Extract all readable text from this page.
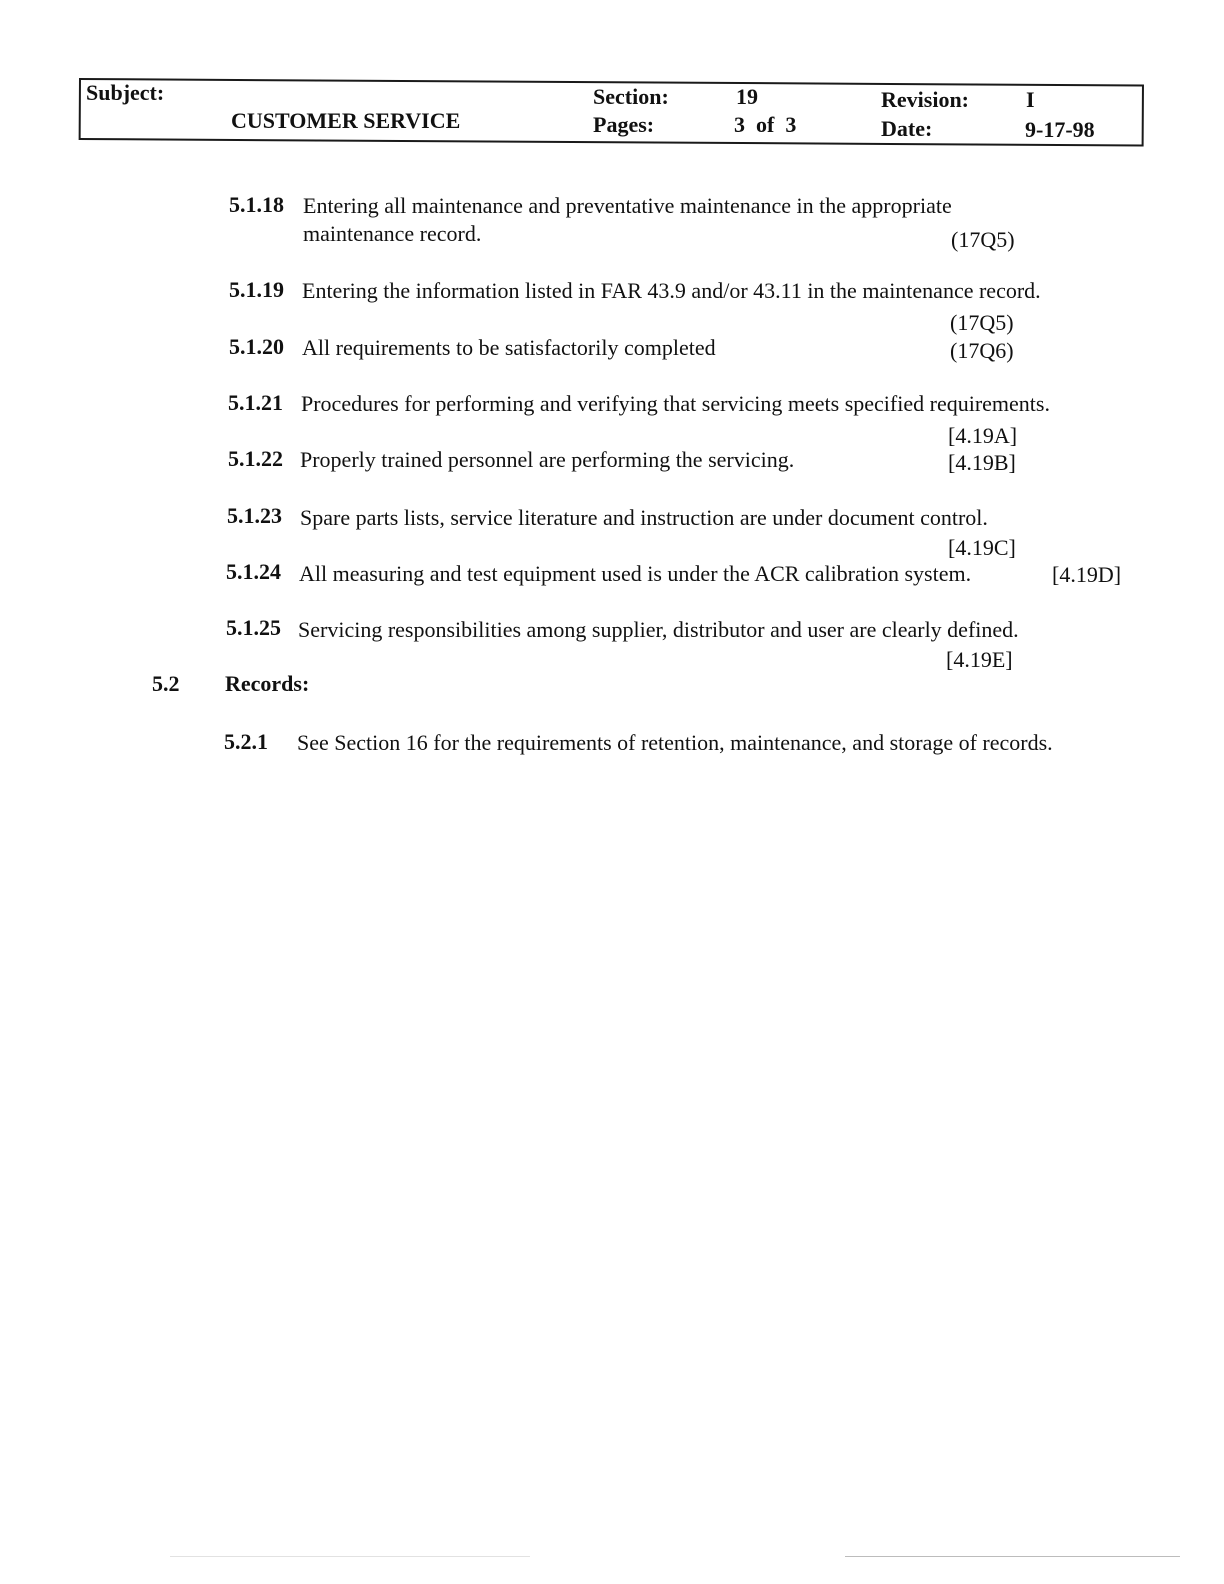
Subject:
CUSTOMER SERVICE
Section:	19
Pages:	3  of  3
Revision:	I
Date:	9-17-98
5.1.18 Entering all maintenance and preventative maintenance in the appropriate
maintenance record.	(17Q5)
5.1.19 Entering the information listed in FAR 43.9 and/or 43.11 in the maintenance record.
(17Q5)
5.1.20 All requirements to be satisfactorily completed	(17Q6)
5.1.21 Procedures for performing and verifying that servicing meets specified requirements.
[4.19A]
5.1.22 Properly trained personnel are performing the servicing.	[4.19B]
5.1.23 Spare parts lists, service literature and instruction are under document control.
[4.19C]
5.1.24 All measuring and test equipment used is under the ACR calibration system.	[4.19D]
5.1.25 Servicing responsibilities among supplier, distributor and user are clearly defined.
[4.19E]
5.2 Records:
5.2.1 See Section 16 for the requirements of retention, maintenance, and storage of records.
